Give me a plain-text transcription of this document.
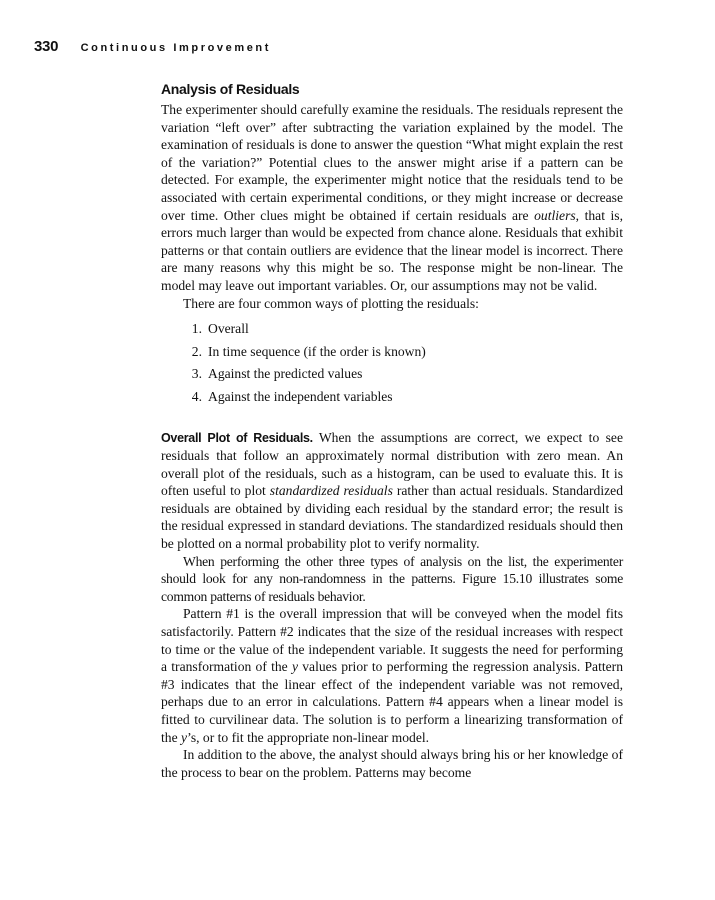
330 Continuous Improvement
Analysis of Residuals

The experimenter should carefully examine the residuals. The residuals represent the variation “left over” after subtracting the variation explained by the model. The examination of residuals is done to answer the question “What might explain the rest of the variation?” Potential clues to the answer might arise if a pattern can be detected. For example, the experimenter might notice that the residuals tend to be associated with certain experimental conditions, or they might increase or decrease over time. Other clues might be obtained if certain residuals are outliers, that is, errors much larger than would be expected from chance alone. Residuals that exhibit patterns or that contain outliers are evidence that the linear model is incorrect. There are many reasons why this might be so. The response might be non-linear. The model may leave out important variables. Or, our assumptions may not be valid.

There are four common ways of plotting the residuals:

1. Overall
2. In time sequence (if the order is known)
3. Against the predicted values
4. Against the independent variables

Overall Plot of Residuals. When the assumptions are correct, we expect to see residuals that follow an approximately normal distribution with zero mean. An overall plot of the residuals, such as a histogram, can be used to evaluate this. It is often useful to plot standardized residuals rather than actual residuals. Standardized residuals are obtained by dividing each residual by the standard error; the result is the residual expressed in standard deviations. The standardized residuals should then be plotted on a normal probability plot to verify normality.

When performing the other three types of analysis on the list, the experimenter should look for any non-randomness in the patterns. Figure 15.10 illustrates some common patterns of residuals behavior.

Pattern #1 is the overall impression that will be conveyed when the model fits satisfactorily. Pattern #2 indicates that the size of the residual increases with respect to time or the value of the independent variable. It suggests the need for performing a transformation of the y values prior to performing the regression analysis. Pattern #3 indicates that the linear effect of the independent variable was not removed, perhaps due to an error in calculations. Pattern #4 appears when a linear model is fitted to curvilinear data. The solution is to perform a linearizing transformation of the y’s, or to fit the appropriate non-linear model.

In addition to the above, the analyst should always bring his or her knowledge of the process to bear on the problem. Patterns may become
